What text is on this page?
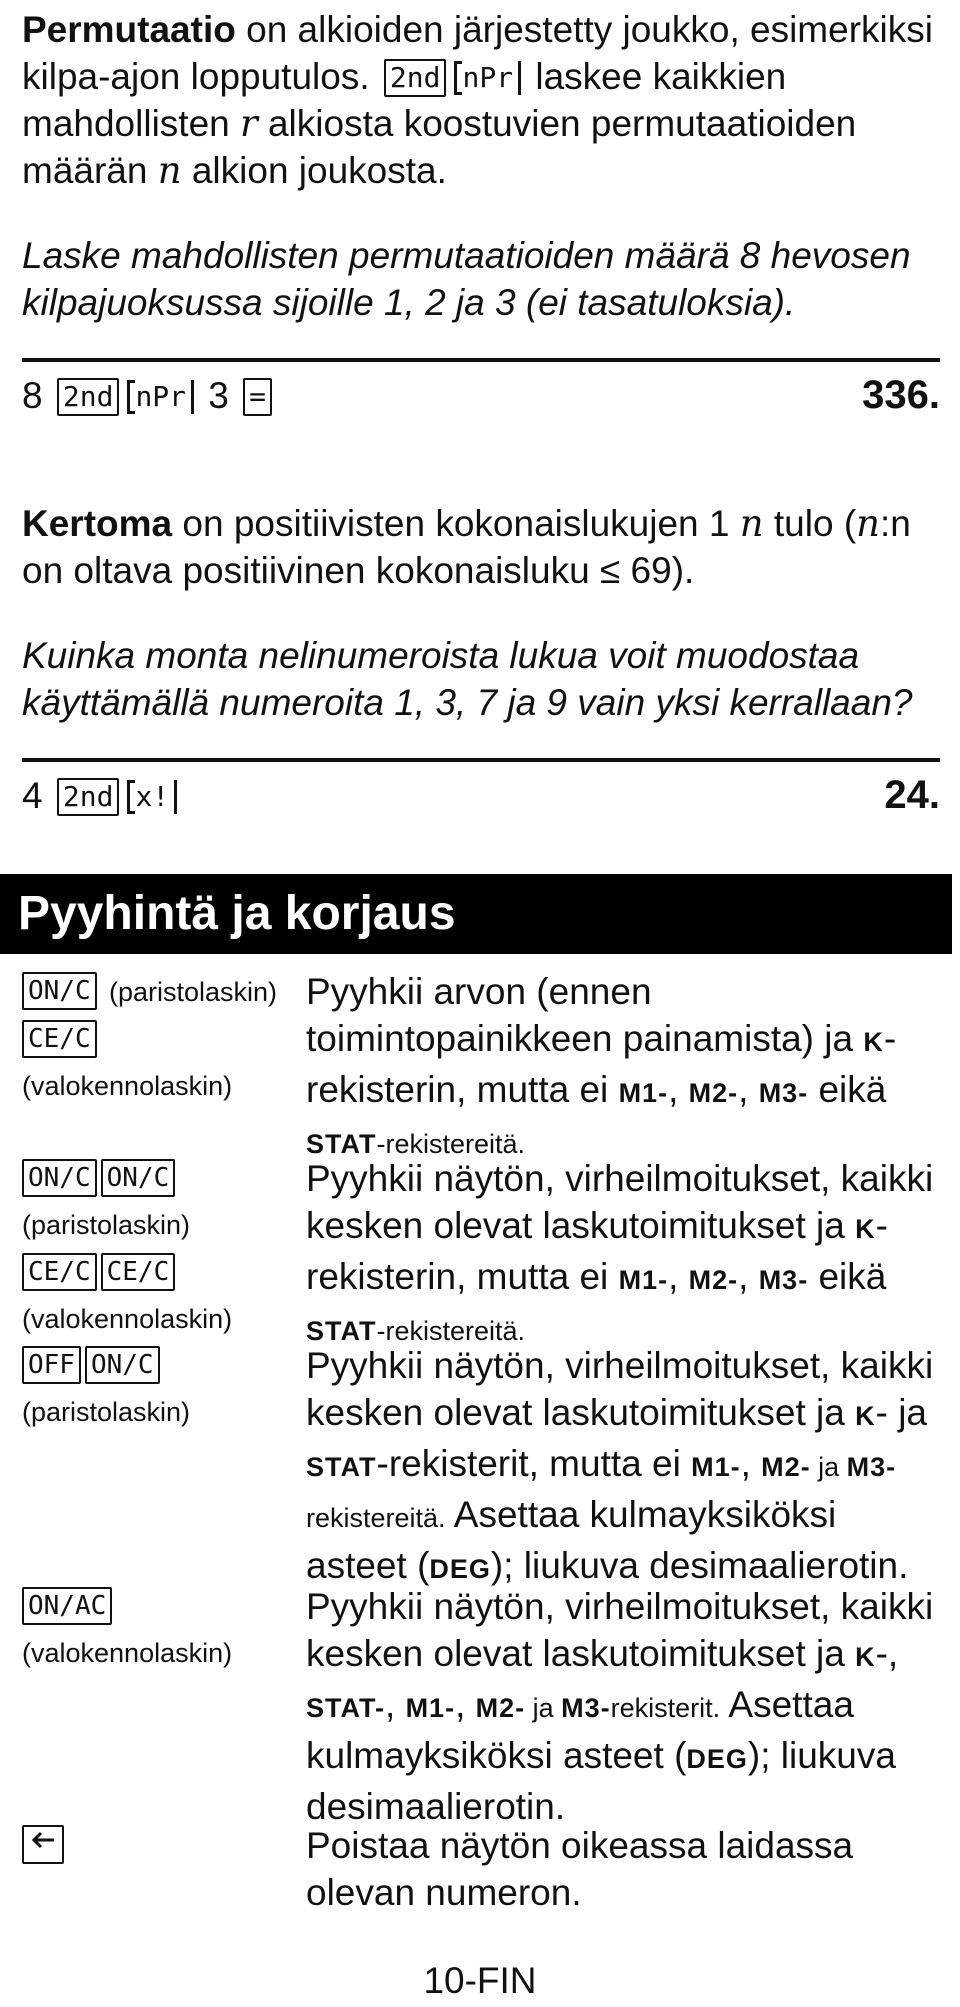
Permutaatio on alkioiden järjestetty joukko, esimerkiksi kilpa-ajon lopputulos. 2nd nPr laskee kaikkien mahdollisten r alkiosta koostuvien permutaatioiden määrän n alkion joukosta.
Laske mahdollisten permutaatioiden määrä 8 hevosen kilpajuoksussa sijoille 1, 2 ja 3 (ei tasatuloksia).
8 2nd nPr 3 =	336.
Kertoma on positiivisten kokonaislukujen 1 n tulo (n:n on oltava positiivinen kokonaisluku ≤ 69).
Kuinka monta nelinumeroista lukua voit muodostaa käyttämällä numeroita 1, 3, 7 ja 9 vain yksi kerrallaan?
4 2nd x!	24.
Pyyhintä ja korjaus
ON/C (paristolaskin)
CE/C
(valokennolaskin)
Pyyhkii arvon (ennen toimintopainikkeen painamista) ja K-rekisterin, mutta ei M1-, M2-, M3- eikä STAT-rekistereitä.
ON/C ON/C
(paristolaskin)
CE/C CE/C
(valokennolaskin)
Pyyhkii näytön, virheilmoitukset, kaikki kesken olevat laskutoimitukset ja K-rekisterin, mutta ei M1-, M2-, M3- eikä STAT-rekistereitä.
OFF ON/C
(paristolaskin)
Pyyhkii näytön, virheilmoitukset, kaikki kesken olevat laskutoimitukset ja K- ja STAT-rekisterit, mutta ei M1-, M2- ja M3-rekistereitä. Asettaa kulmayksiköksi asteet (DEG); liukuva desimaalierotin.
ON/AC
(valokennolaskin)
Pyyhkii näytön, virheilmoitukset, kaikki kesken olevat laskutoimitukset ja K-, STAT-, M1-, M2- ja M3-rekisterit. Asettaa kulmayksiköksi asteet (DEG); liukuva desimaalierotin.
Poistaa näytön oikeassa laidassa olevan numeron.
10-FIN
